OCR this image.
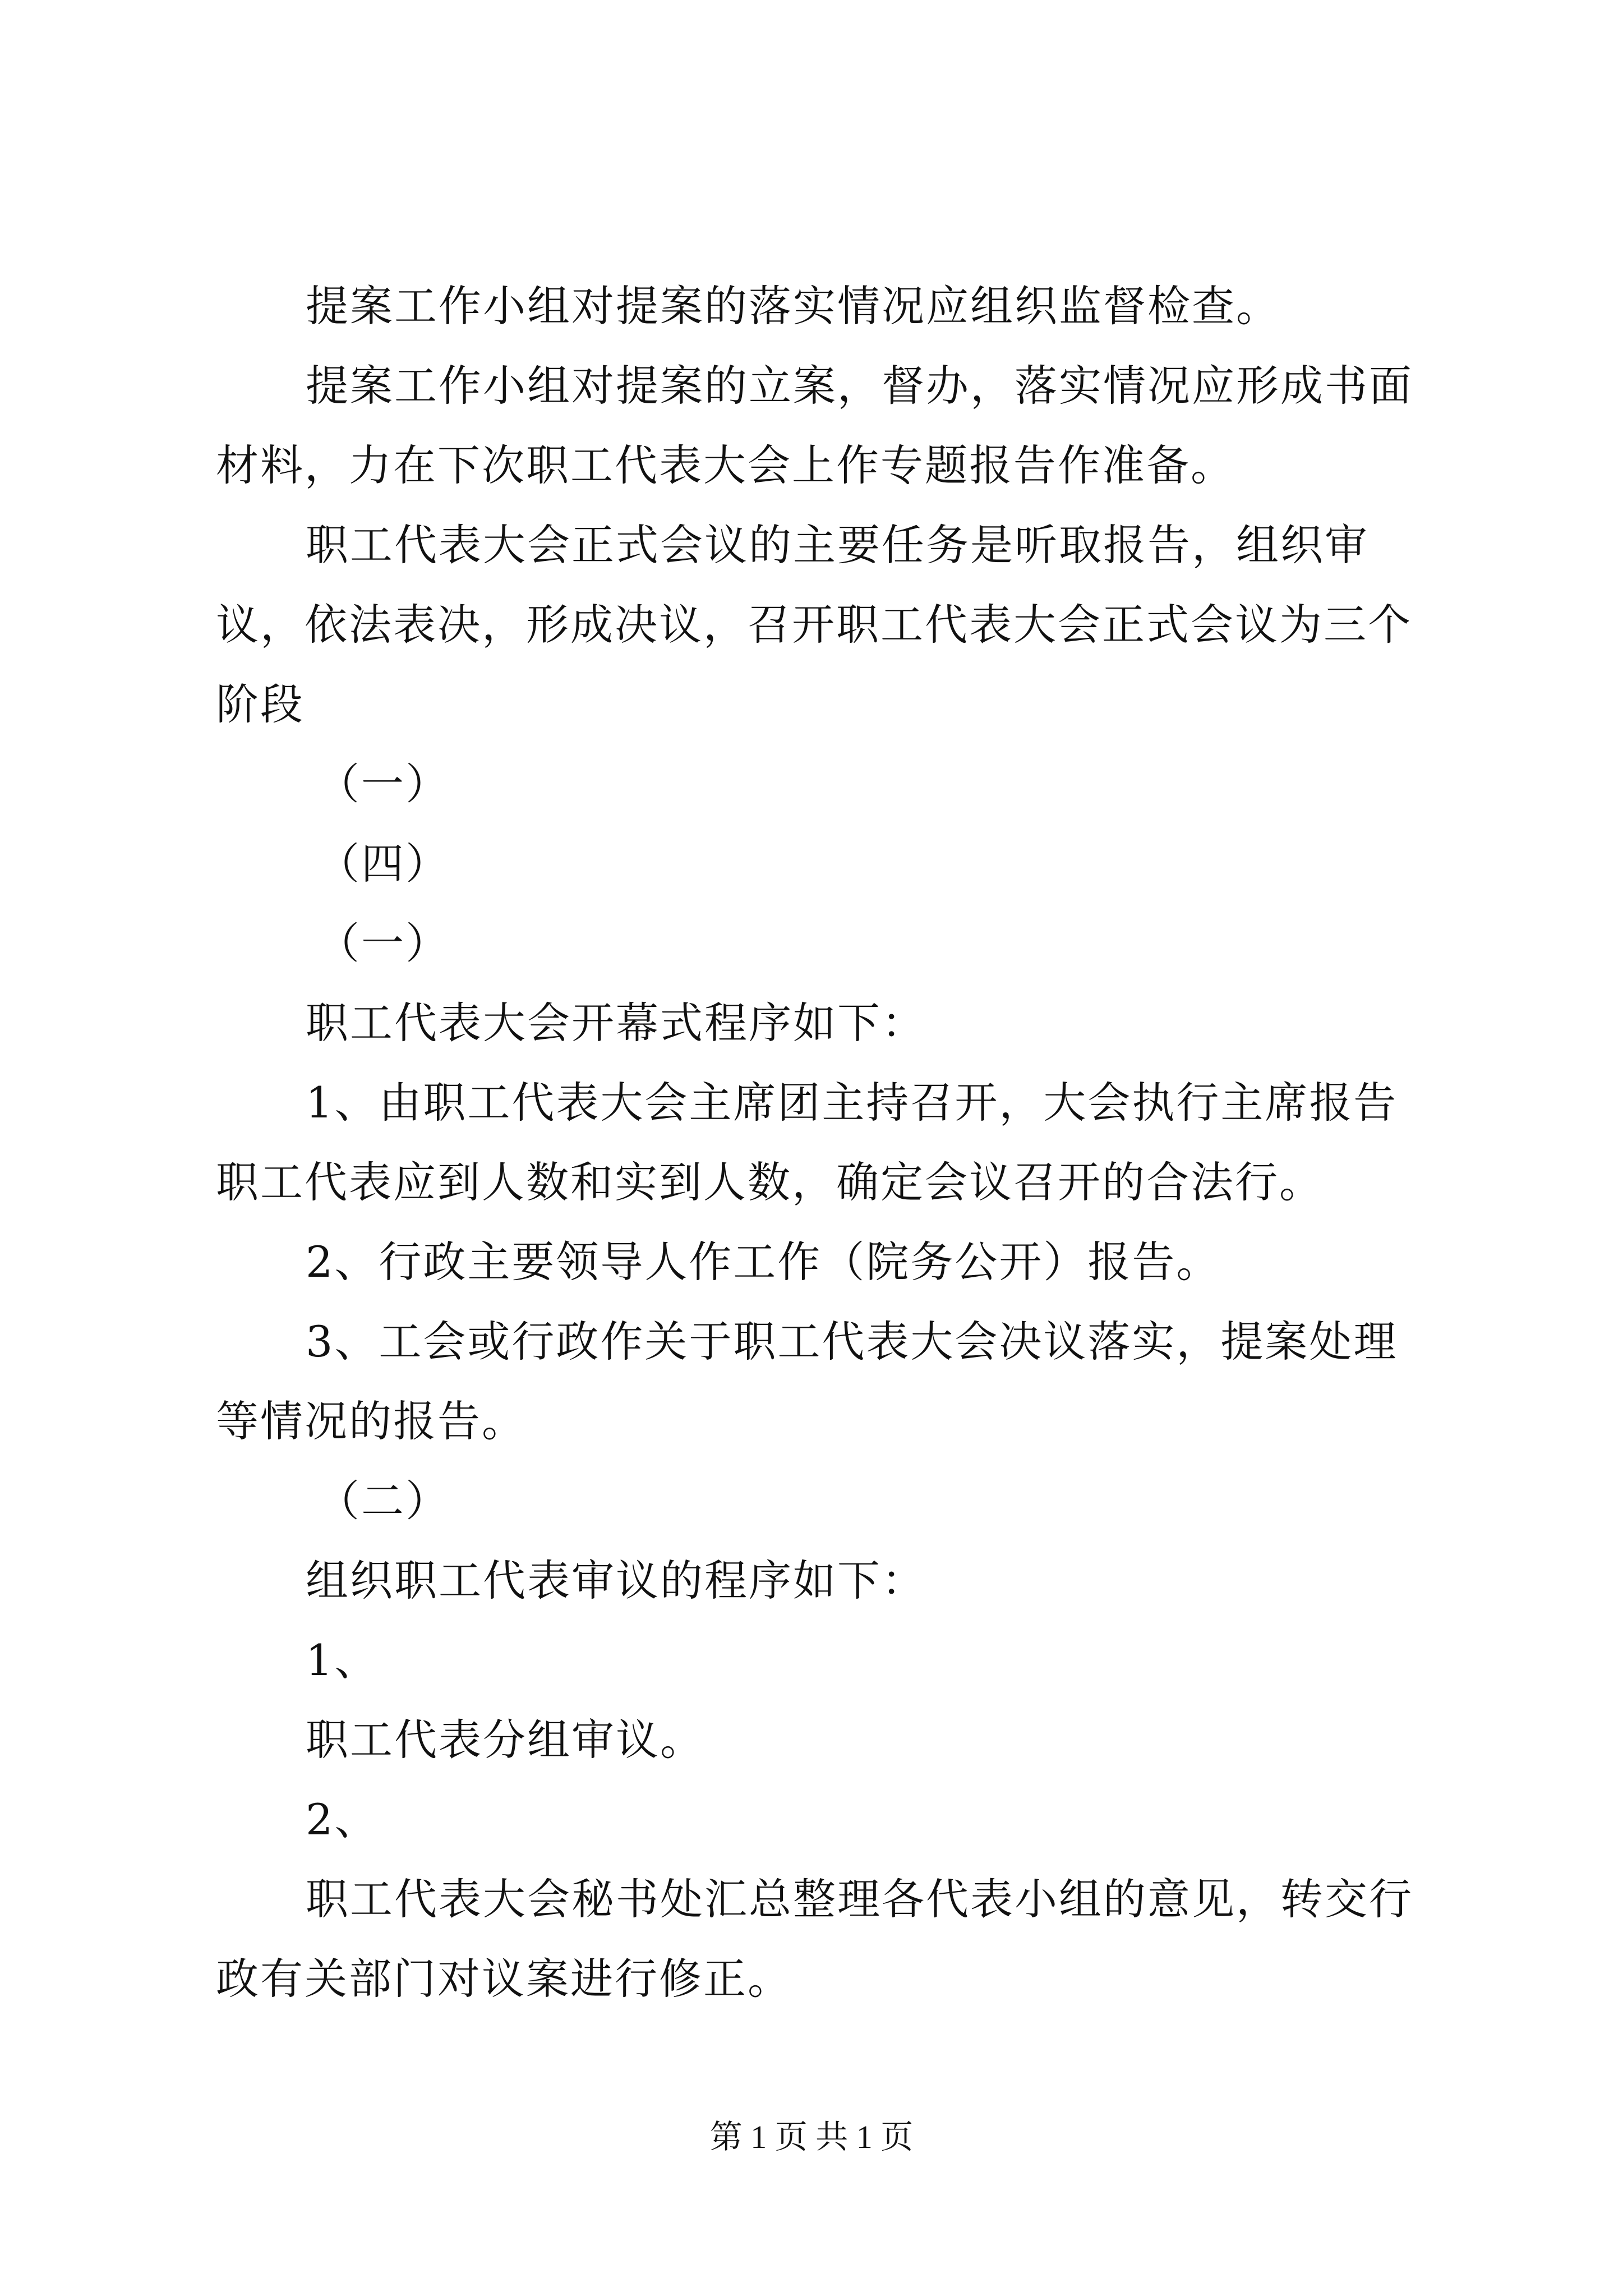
提案工作小组对提案的落实情况应组织监督检查。

提案工作小组对提案的立案，督办，落实情况应形成书面材料，力在下次职工代表大会上作专题报告作准备。

职工代表大会正式会议的主要任务是听取报告，组织审议，依法表决，形成决议，召开职工代表大会正式会议为三个阶段

（一）

（四）

（一）

职工代表大会开幕式程序如下：

1、由职工代表大会主席团主持召开，大会执行主席报告职工代表应到人数和实到人数，确定会议召开的合法行。

2、行政主要领导人作工作（院务公开）报告。

3、工会或行政作关于职工代表大会决议落实，提案处理等情况的报告。

（二）

组织职工代表审议的程序如下：

1、

职工代表分组审议。

2、

职工代表大会秘书处汇总整理各代表小组的意见，转交行政有关部门对议案进行修正。

第 1 页 共 1 页
